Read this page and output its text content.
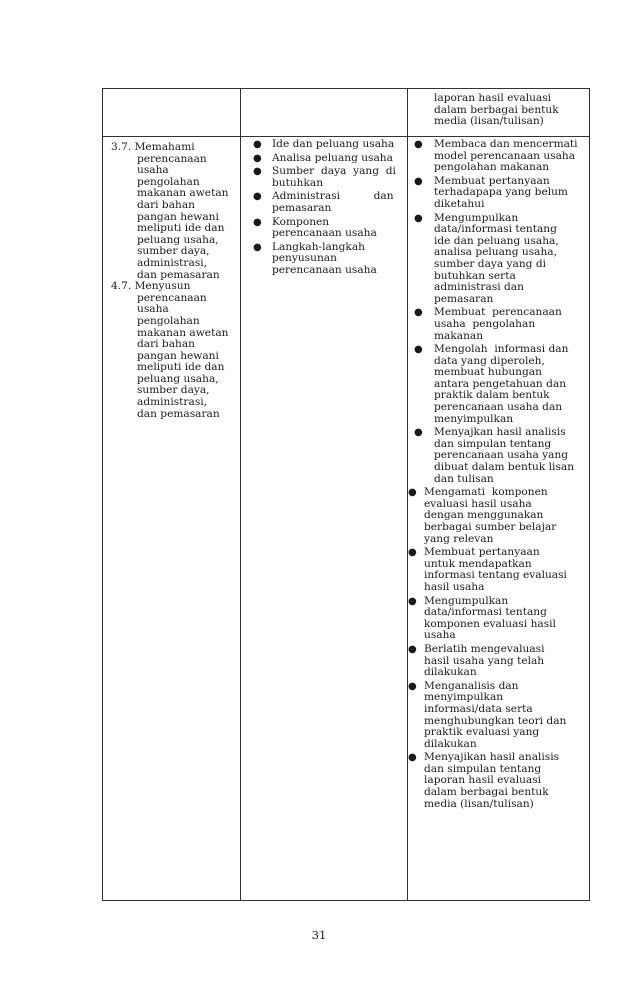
laporan hasil evaluasi
dalam berbagai bentuk
media (lisan/tulisan)
3.7. Memahami
perencanaan
usaha
pengolahan
makanan awetan
dari bahan
pangan hewani
meliputi ide dan
peluang usaha,
sumber daya,
administrasi,
dan pemasaran
4.7. Menyusun
perencanaan
usaha
pengolahan
makanan awetan
dari bahan
pangan hewani
meliputi ide dan
peluang usaha,
sumber daya,
administrasi,
dan pemasaran
● Ide dan peluang usaha
● Analisa peluang usaha
● Sumber  daya  yang  di
butuhkan
● Administrasi          dan
pemasaran
● Komponen
perencanaan usaha
● Langkah-langkah
penyusunan
perencanaan usaha
● Membaca dan mencermati
model perencanaan usaha
pengolahan makanan
● Membuat pertanyaan
terhadapapa yang belum
diketahui
● Mengumpulkan
data/informasi tentang
ide dan peluang usaha,
analisa peluang usaha,
sumber daya yang di
butuhkan serta
administrasi dan
pemasaran
● Membuat  perencanaan
usaha  pengolahan
makanan
● Mengolah  informasi dan
data yang diperoleh,
membuat hubungan
antara pengetahuan dan
praktik dalam bentuk
perencanaan usaha dan
menyimpulkan
● Menyajkan hasil analisis
dan simpulan tentang
perencanaan usaha yang
dibuat dalam bentuk lisan
dan tulisan
● Mengamati  komponen
evaluasi hasil usaha
dengan menggunakan
berbagai sumber belajar
yang relevan
● Membuat pertanyaan
untuk mendapatkan
informasi tentang evaluasi
hasil usaha
● Mengumpulkan
data/informasi tentang
komponen evaluasi hasil
usaha
● Berlatih mengevaluasi
hasil usaha yang telah
dilakukan
● Menganalisis dan
menyimpulkan
informasi/data serta
menghubungkan teori dan
praktik evaluasi yang
dilakukan
● Menyajikan hasil analisis
dan simpulan tentang
laporan hasil evaluasi
dalam berbagai bentuk
media (lisan/tulisan)
31
